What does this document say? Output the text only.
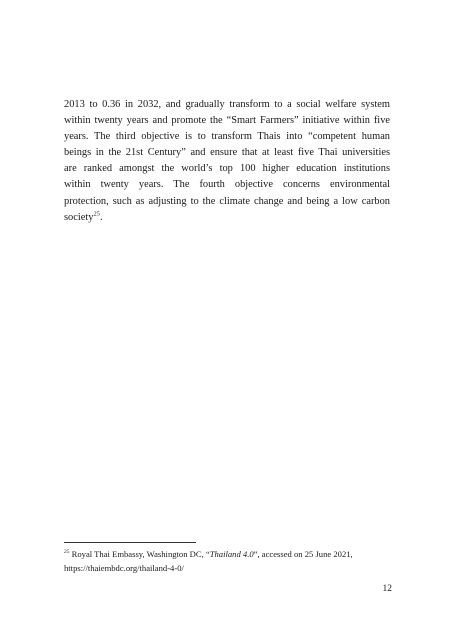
2013 to 0.36 in 2032, and gradually transform to a social welfare system
within twenty years and promote the “Smart Farmers” initiative within five
years. The third objective is to transform Thais into “competent human
beings in the 21st Century” and ensure that at least five Thai universities
are ranked amongst the world’s top 100 higher education institutions
within twenty years. The fourth objective concerns environmental
protection, such as adjusting to the climate change and being a low carbon
society$^{25}$.

$^{25}$ Royal Thai Embassy, Washington DC, “Thailand 4.0”, accessed on 25 June 2021, https://thaiembdc.org/thailand-4-0/

12
